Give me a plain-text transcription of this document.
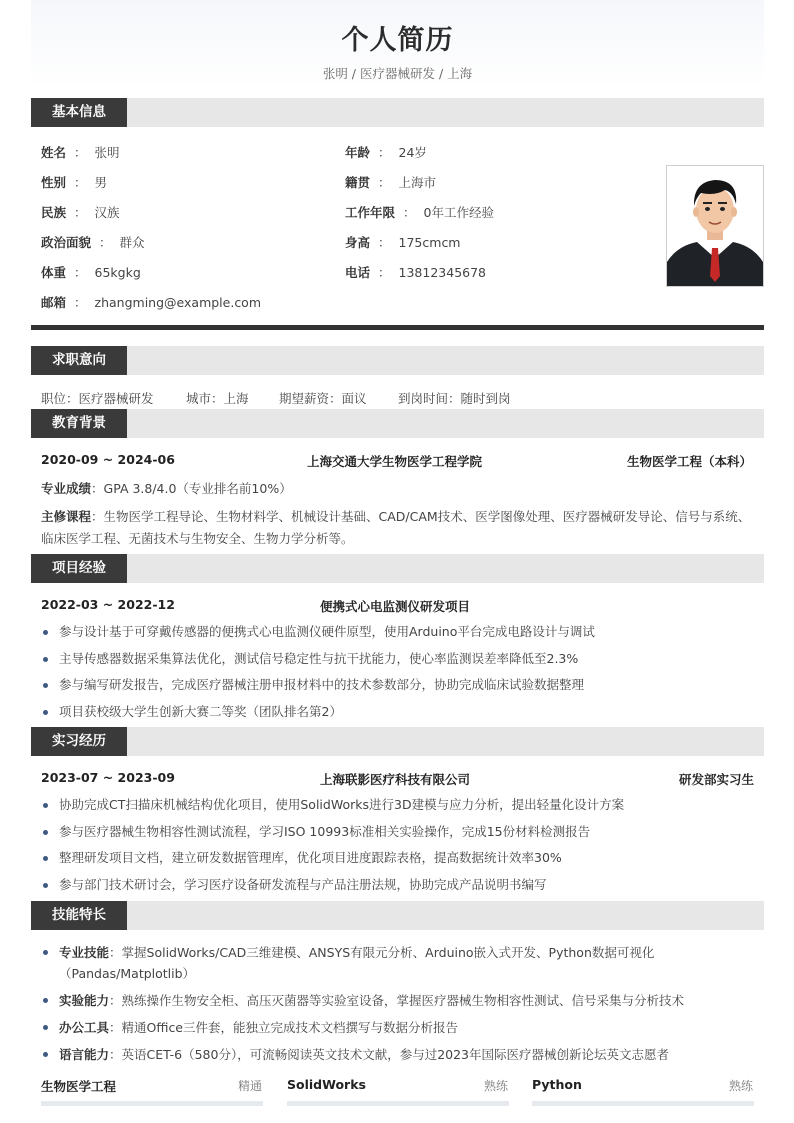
个人简历
张明 / 医疗器械研发 / 上海
基本信息
姓名 ： 张明	年龄 ： 24岁
性别 ： 男	籍贯 ： 上海市
民族 ： 汉族	工作年限 ： 0年工作经验
政治面貌 ： 群众	身高 ： 175cmcm
体重 ： 65kgkg	电话 ： 13812345678
邮箱 ： zhangming@example.com
求职意向
职位：医疗器械研发	城市：上海 期望薪资：面议	到岗时间：随时到岗
教育背景
2020-09 ~ 2024-06	上海交通大学生物医学工程学院	生物医学工程（本科）
专业成绩：GPA 3.8/4.0（专业排名前10%）
主修课程：生物医学工程导论、生物材料学、机械设计基础、CAD/CAM技术、医学图像处理、医疗器械研发导论、信号与系统、临床医学工程、无菌技术与生物安全、生物力学分析等。
项目经验
2022-03 ~ 2022-12	便携式心电监测仪研发项目
参与设计基于可穿戴传感器的便携式心电监测仪硬件原型，使用Arduino平台完成电路设计与调试
主导传感器数据采集算法优化，测试信号稳定性与抗干扰能力，使心率监测误差率降低至2.3%
参与编写研发报告，完成医疗器械注册申报材料中的技术参数部分，协助完成临床试验数据整理
项目获校级大学生创新大赛二等奖（团队排名第2）
实习经历
2023-07 ~ 2023-09	上海联影医疗科技有限公司	研发部实习生
协助完成CT扫描床机械结构优化项目，使用SolidWorks进行3D建模与应力分析，提出轻量化设计方案
参与医疗器械生物相容性测试流程，学习ISO 10993标准相关实验操作，完成15份材料检测报告
整理研发项目文档，建立研发数据管理库，优化项目进度跟踪表格，提高数据统计效率30%
参与部门技术研讨会，学习医疗设备研发流程与产品注册法规，协助完成产品说明书编写
技能特长
专业技能：掌握SolidWorks/CAD三维建模、ANSYS有限元分析、Arduino嵌入式开发、Python数据可视化（Pandas/Matplotlib）
实验能力：熟练操作生物安全柜、高压灭菌器等实验室设备，掌握医疗器械生物相容性测试、信号采集与分析技术
办公工具：精通Office三件套，能独立完成技术文档撰写与数据分析报告
语言能力：英语CET-6（580分），可流畅阅读英文技术文献，参与过2023年国际医疗器械创新论坛英文志愿者
生物医学工程	精通 SolidWorks	熟练 Python	熟练
